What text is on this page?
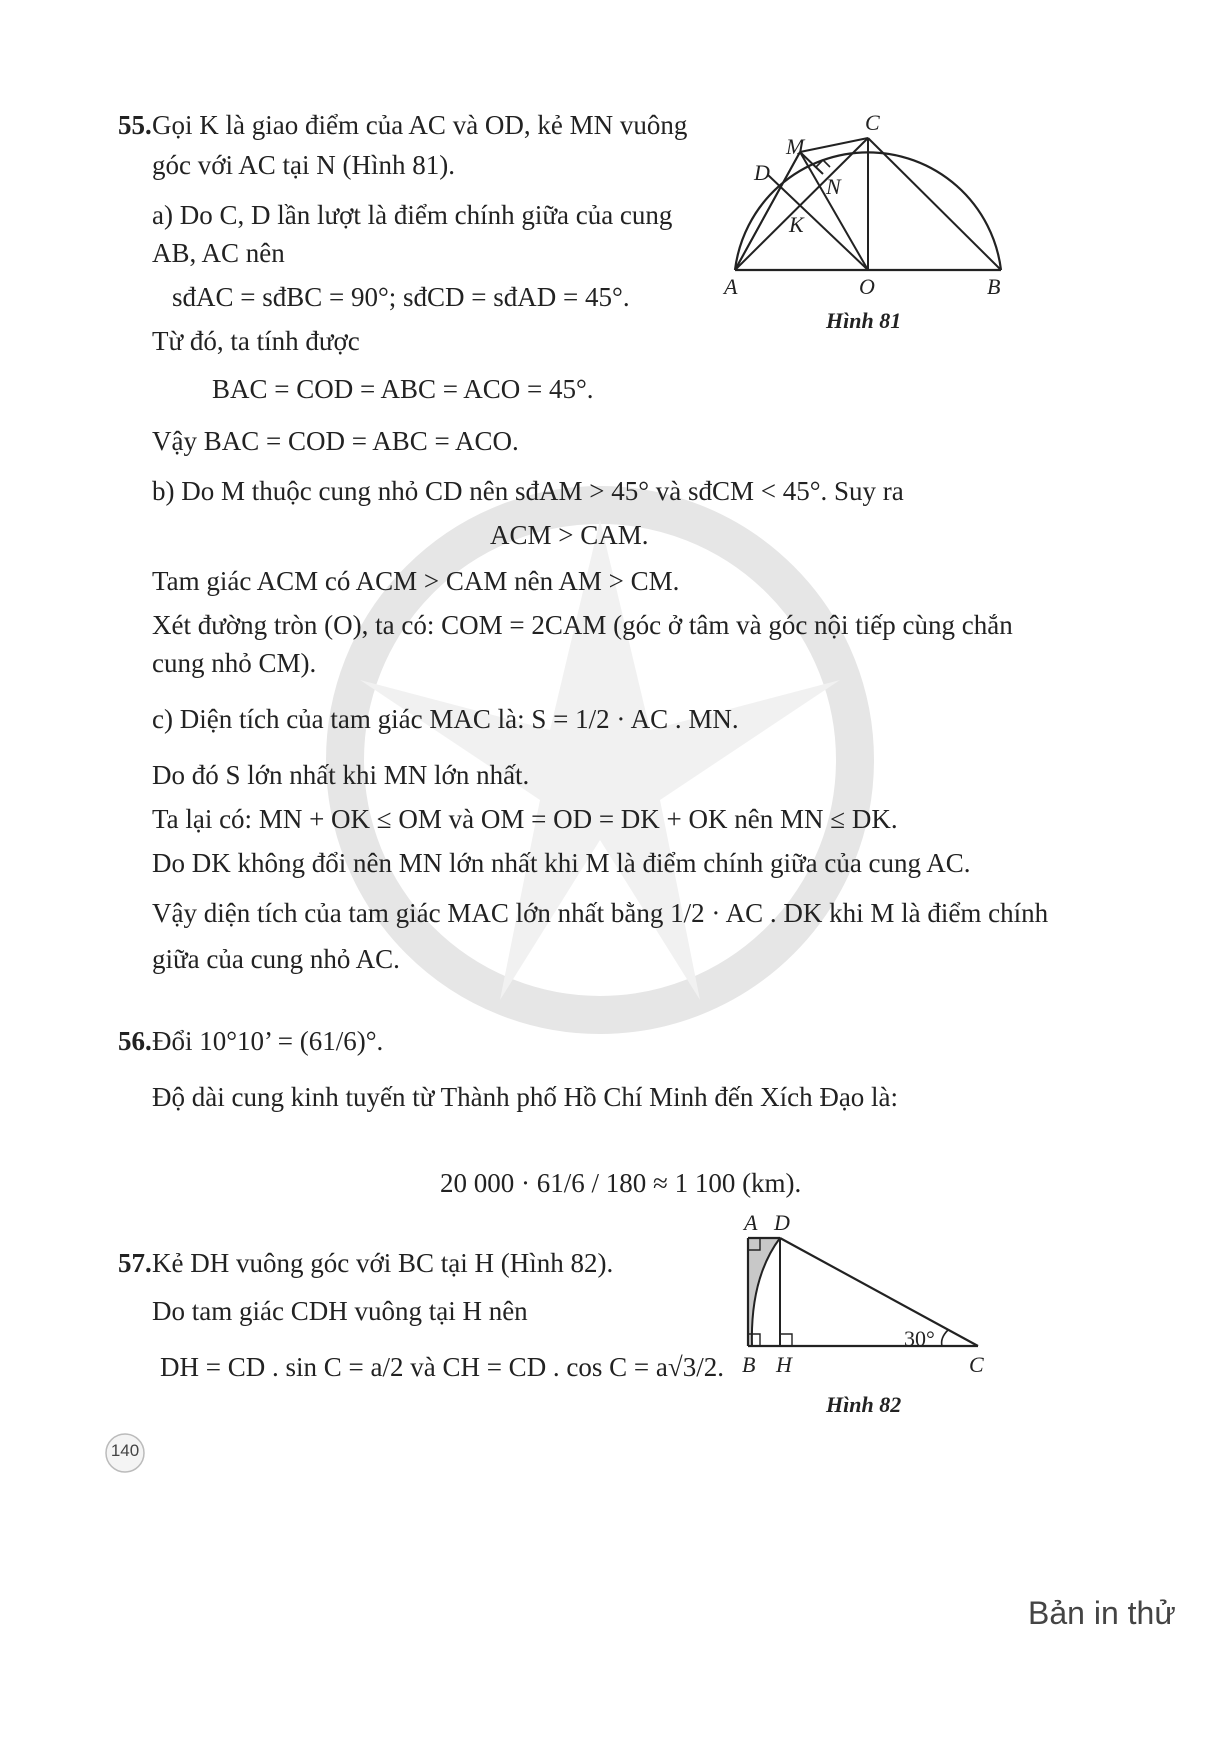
55. Gọi K là giao điểm của AC và OD, kẻ MN vuông
góc với AC tại N (Hình 81).
a) Do C, D lần lượt là điểm chính giữa của cung
AB, AC nên
sđAC = sđBC = 90°; sđCD = sđAD = 45°.
Từ đó, ta tính được
BAC = COD = ABC = ACO = 45°.
Vậy BAC = COD = ABC = ACO.
b) Do M thuộc cung nhỏ CD nên sđAM > 45° và sđCM < 45°. Suy ra
ACM > CAM.
Tam giác ACM có ACM > CAM nên AM > CM.
Xét đường tròn (O), ta có: COM = 2CAM (góc ở tâm và góc nội tiếp cùng chắn
cung nhỏ CM).
c) Diện tích của tam giác MAC là: S = 1/2 · AC . MN.
Do đó S lớn nhất khi MN lớn nhất.
Ta lại có: MN + OK ≤ OM và OM = OD = DK + OK nên MN ≤ DK.
Do DK không đổi nên MN lớn nhất khi M là điểm chính giữa của cung AC.
Vậy diện tích của tam giác MAC lớn nhất bằng 1/2 · AC . DK khi M là điểm chính
giữa của cung nhỏ AC.
C
M
D
N
K
A	O	B
Hình 81
56. Đổi 10°10’ = (61/6)°.
Độ dài cung kinh tuyến từ Thành phố Hồ Chí Minh đến Xích Đạo là:
20 000 · 61/6 / 180 ≈ 1 100 (km).
57. Kẻ DH vuông góc với BC tại H (Hình 82).
Do tam giác CDH vuông tại H nên
DH = CD . sin C = a/2 và CH = CD . cos C = a√3/2.
A D
B H	C
30°
Hình 82
140
Bản in thử
